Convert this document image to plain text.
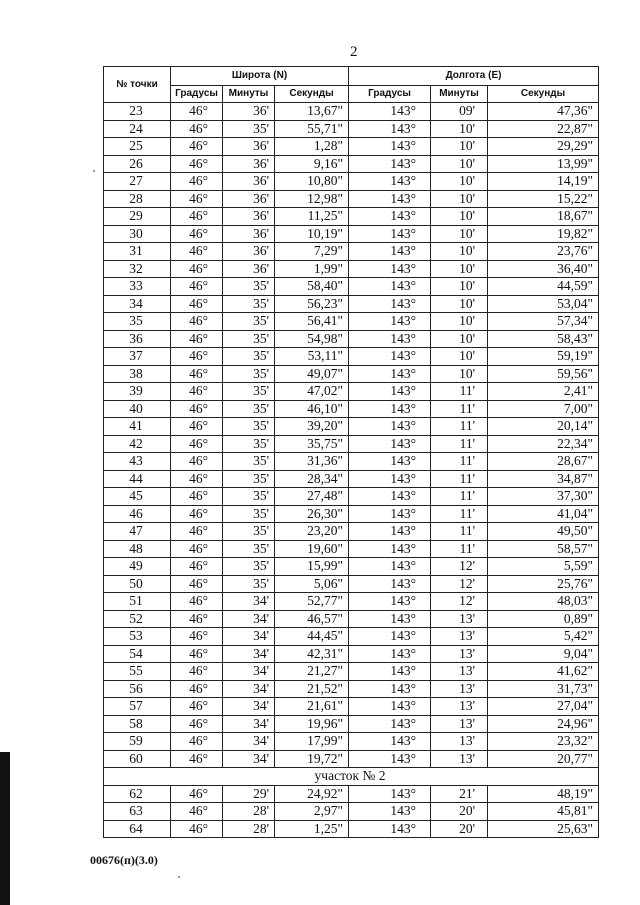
2
№ точки	Широта (N)			Долгота (E)		
	Градусы	Минуты	Секунды	Градусы	Минуты	Секунды
23	46°	36'	13,67"	143°	09'	47,36"
24	46°	35'	55,71"	143°	10'	22,87"
25	46°	36'	1,28"	143°	10'	29,29"
26	46°	36'	9,16"	143°	10'	13,99"
27	46°	36'	10,80"	143°	10'	14,19"
28	46°	36'	12,98"	143°	10'	15,22"
29	46°	36'	11,25"	143°	10'	18,67"
30	46°	36'	10,19"	143°	10'	19,82"
31	46°	36'	7,29"	143°	10'	23,76"
32	46°	36'	1,99"	143°	10'	36,40"
33	46°	35'	58,40"	143°	10'	44,59"
34	46°	35'	56,23"	143°	10'	53,04"
35	46°	35'	56,41"	143°	10'	57,34"
36	46°	35'	54,98"	143°	10'	58,43"
37	46°	35'	53,11"	143°	10'	59,19"
38	46°	35'	49,07"	143°	10'	59,56"
39	46°	35'	47,02"	143°	11'	2,41"
40	46°	35'	46,10"	143°	11'	7,00"
41	46°	35'	39,20"	143°	11'	20,14"
42	46°	35'	35,75"	143°	11'	22,34"
43	46°	35'	31,36"	143°	11'	28,67"
44	46°	35'	28,34"	143°	11'	34,87"
45	46°	35'	27,48"	143°	11'	37,30"
46	46°	35'	26,30"	143°	11'	41,04"
47	46°	35'	23,20"	143°	11'	49,50"
48	46°	35'	19,60"	143°	11'	58,57"
49	46°	35'	15,99"	143°	12'	5,59"
50	46°	35'	5,06"	143°	12'	25,76"
51	46°	34'	52,77"	143°	12'	48,03"
52	46°	34'	46,57"	143°	13'	0,89"
53	46°	34'	44,45"	143°	13'	5,42"
54	46°	34'	42,31"	143°	13'	9,04"
55	46°	34'	21,27"	143°	13'	41,62"
56	46°	34'	21,52"	143°	13'	31,73"
57	46°	34'	21,61"	143°	13'	27,04"
58	46°	34'	19,96"	143°	13'	24,96"
59	46°	34'	17,99"	143°	13'	23,32"
60	46°	34'	19,72"	143°	13'	20,77"
участок № 2						
62	46°	29'	24,92"	143°	21'	48,19"
63	46°	28'	2,97"	143°	20'	45,81"
64	46°	28'	1,25"	143°	20'	25,63"
00676(п)(3.0)
